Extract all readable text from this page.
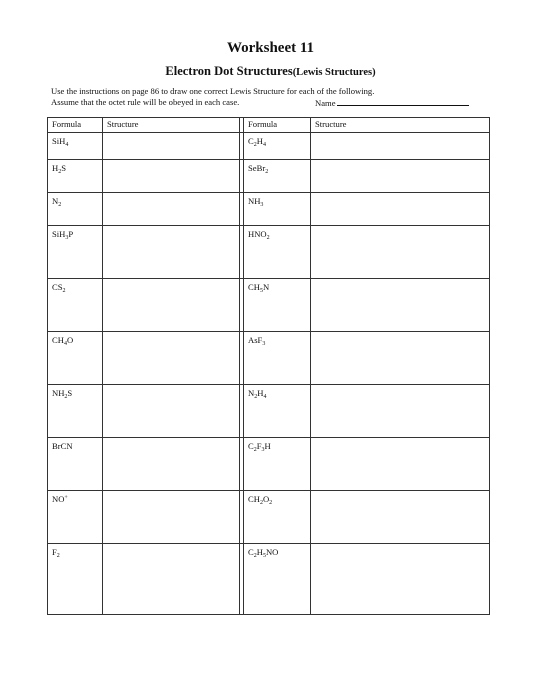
Worksheet 11
Electron Dot Structures(Lewis Structures)
Use the instructions on page 86 to draw one correct Lewis Structure for each of the following.
Assume that the octet rule will be obeyed in each case.	Name
Formula	Structure		Formula	Structure
SiH$_4$			$C_2H_4$	
$H_2S$			SeBr$_2$	
$N_2$			$NH_3$	
SiH$_3$P			$HNO_2$	
$CS_2$			$CH_5N$	
$CH_4O$			AsF$_3$	
$NH_2S$			$N_2H_4$	
BrCN			$C_2F_3H$	
NO+			$CH_2O_2$	
$F_2$			$C_2H_5NO$	
